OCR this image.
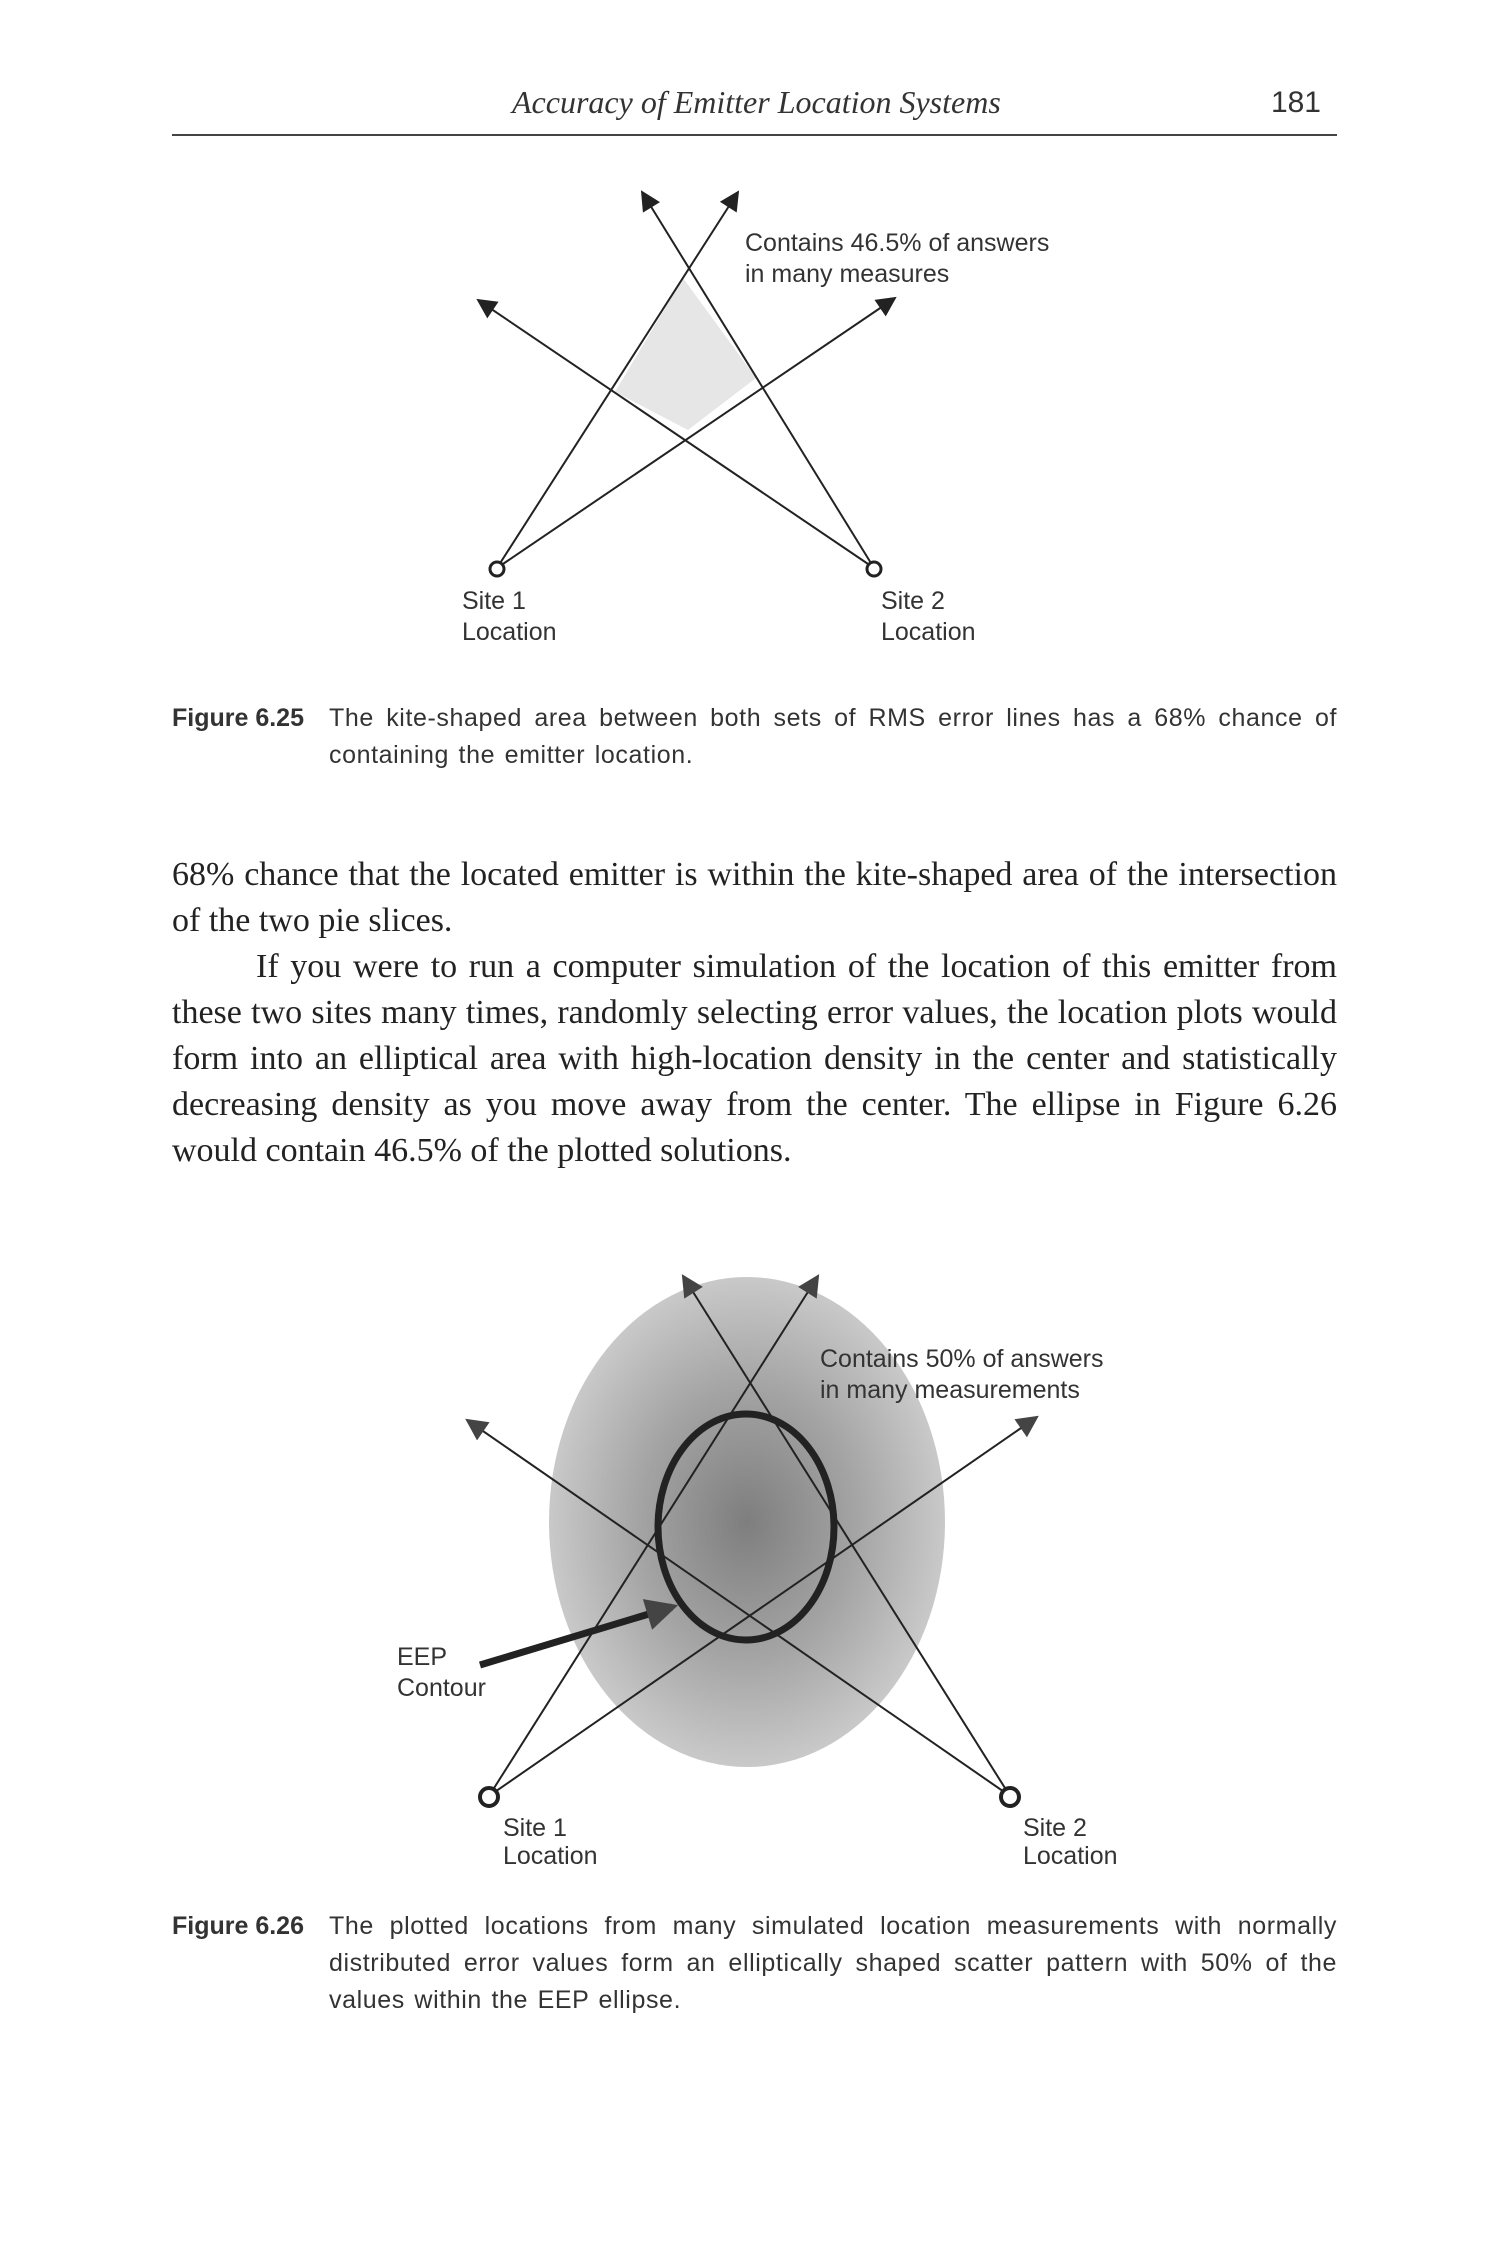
Accuracy of Emitter Location Systems	181
Contains 46.5% of answers
in many measures
Site 1
Location
Site 2
Location
Figure 6.25 The kite-shaped area between both sets of RMS error lines has a 68% chance of containing the emitter location.

68% chance that the located emitter is within the kite-shaped area of the intersection of the two pie slices.

If you were to run a computer simulation of the location of this emitter from these two sites many times, randomly selecting error values, the location plots would form into an elliptical area with high-location density in the center and statistically decreasing density as you move away from the center. The ellipse in Figure 6.26 would contain 46.5% of the plotted solutions.

Contains 50% of answers
in many measurements
EEP
Contour
Site 1
Location
Site 2
Location
Figure 6.26 The plotted locations from many simulated location measurements with normally distributed error values form an elliptically shaped scatter pattern with 50% of the values within the EEP ellipse.
